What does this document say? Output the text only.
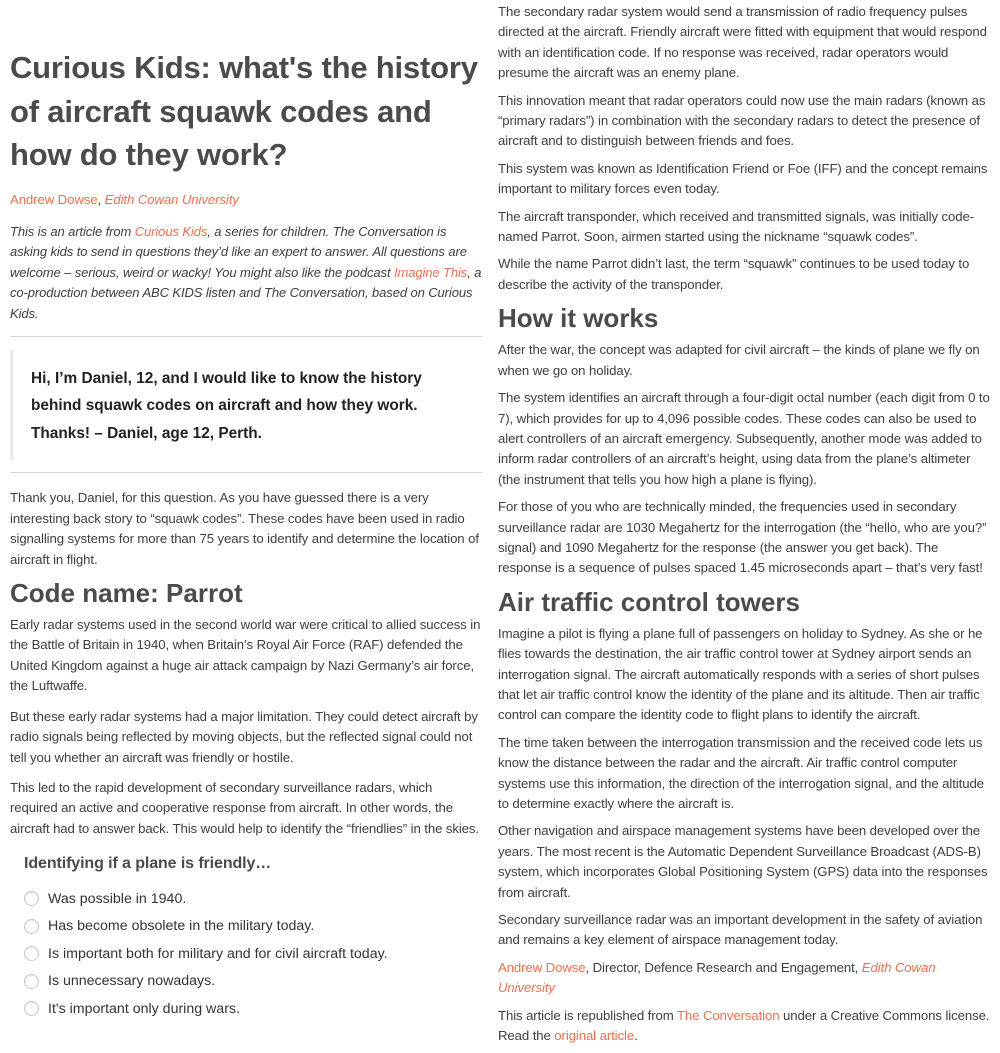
Curious Kids: what's the history of aircraft squawk codes and how do they work?

Andrew Dowse, Edith Cowan University

This is an article from Curious Kids, a series for children. The Conversation is asking kids to send in questions they’d like an expert to answer. All questions are welcome – serious, weird or wacky! You might also like the podcast Imagine This, a co-production between ABC KIDS listen and The Conversation, based on Curious Kids.

Hi, I’m Daniel, 12, and I would like to know the history behind squawk codes on aircraft and how they work. Thanks! – Daniel, age 12, Perth.

Thank you, Daniel, for this question. As you have guessed there is a very interesting back story to “squawk codes”. These codes have been used in radio signalling systems for more than 75 years to identify and determine the location of aircraft in flight.

Code name: Parrot

Early radar systems used in the second world war were critical to allied success in the Battle of Britain in 1940, when Britain’s Royal Air Force (RAF) defended the United Kingdom against a huge air attack campaign by Nazi Germany’s air force, the Luftwaffe.

But these early radar systems had a major limitation. They could detect aircraft by radio signals being reflected by moving objects, but the reflected signal could not tell you whether an aircraft was friendly or hostile.

This led to the rapid development of secondary surveillance radars, which required an active and cooperative response from aircraft. In other words, the aircraft had to answer back. This would help to identify the “friendlies” in the skies.

Identifying if a plane is friendly…
Was possible in 1940.
Has become obsolete in the military today.
Is important both for military and for civil aircraft today.
Is unnecessary nowadays.
It's important only during wars.

The secondary radar system would send a transmission of radio frequency pulses directed at the aircraft. Friendly aircraft were fitted with equipment that would respond with an identification code. If no response was received, radar operators would presume the aircraft was an enemy plane.

This innovation meant that radar operators could now use the main radars (known as “primary radars”) in combination with the secondary radars to detect the presence of aircraft and to distinguish between friends and foes.

This system was known as Identification Friend or Foe (IFF) and the concept remains important to military forces even today.

The aircraft transponder, which received and transmitted signals, was initially code-named Parrot. Soon, airmen started using the nickname “squawk codes”.

While the name Parrot didn’t last, the term “squawk” continues to be used today to describe the activity of the transponder.

How it works

After the war, the concept was adapted for civil aircraft – the kinds of plane we fly on when we go on holiday.

The system identifies an aircraft through a four-digit octal number (each digit from 0 to 7), which provides for up to 4,096 possible codes. These codes can also be used to alert controllers of an aircraft emergency. Subsequently, another mode was added to inform radar controllers of an aircraft’s height, using data from the plane’s altimeter (the instrument that tells you how high a plane is flying).

For those of you who are technically minded, the frequencies used in secondary surveillance radar are 1030 Megahertz for the interrogation (the “hello, who are you?” signal) and 1090 Megahertz for the response (the answer you get back). The response is a sequence of pulses spaced 1.45 microseconds apart – that’s very fast!

Air traffic control towers

Imagine a pilot is flying a plane full of passengers on holiday to Sydney. As she or he flies towards the destination, the air traffic control tower at Sydney airport sends an interrogation signal. The aircraft automatically responds with a series of short pulses that let air traffic control know the identity of the plane and its altitude. Then air traffic control can compare the identity code to flight plans to identify the aircraft.

The time taken between the interrogation transmission and the received code lets us know the distance between the radar and the aircraft. Air traffic control computer systems use this information, the direction of the interrogation signal, and the altitude to determine exactly where the aircraft is.

Other navigation and airspace management systems have been developed over the years. The most recent is the Automatic Dependent Surveillance Broadcast (ADS-B) system, which incorporates Global Positioning System (GPS) data into the responses from aircraft.

Secondary surveillance radar was an important development in the safety of aviation and remains a key element of airspace management today.

Andrew Dowse, Director, Defence Research and Engagement, Edith Cowan University

This article is republished from The Conversation under a Creative Commons license. Read the original article.
